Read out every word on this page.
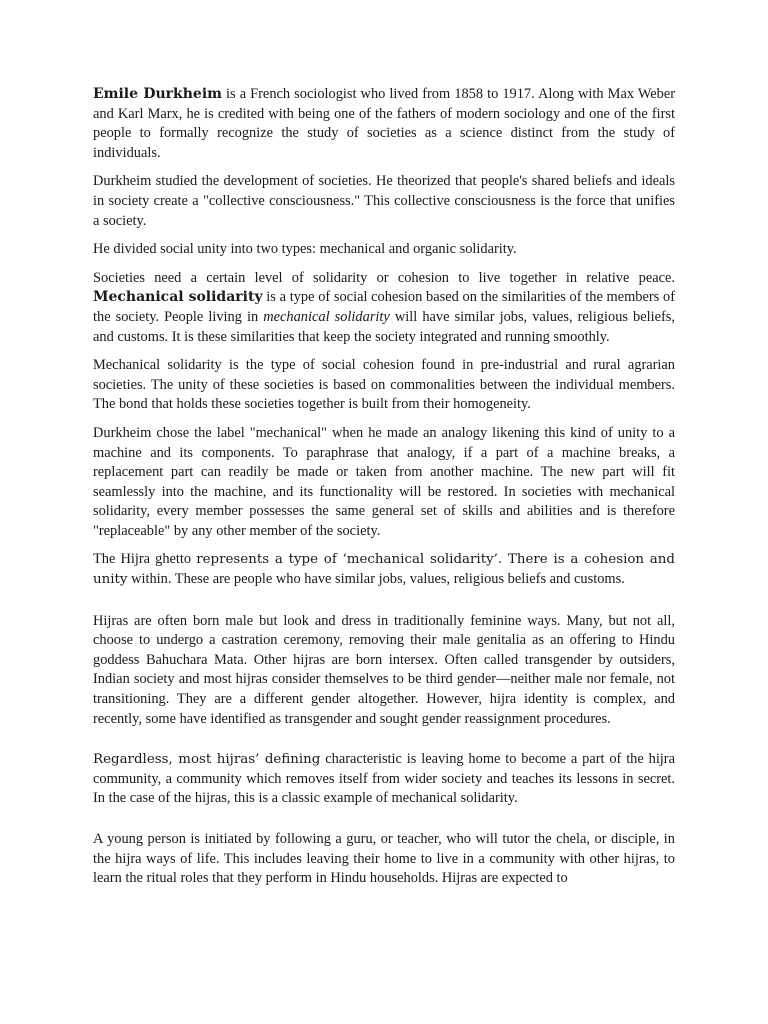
Emile Durkheim is a French sociologist who lived from 1858 to 1917. Along with Max Weber and Karl Marx, he is credited with being one of the fathers of modern sociology and one of the first people to formally recognize the study of societies as a science distinct from the study of individuals.

Durkheim studied the development of societies. He theorized that people's shared beliefs and ideals in society create a "collective consciousness." This collective consciousness is the force that unifies a society.

He divided social unity into two types: mechanical and organic solidarity.

Societies need a certain level of solidarity or cohesion to live together in relative peace. Mechanical solidarity is a type of social cohesion based on the similarities of the members of the society. People living in mechanical solidarity will have similar jobs, values, religious beliefs, and customs. It is these similarities that keep the society integrated and running smoothly.

Mechanical solidarity is the type of social cohesion found in pre-industrial and rural agrarian societies. The unity of these societies is based on commonalities between the individual members. The bond that holds these societies together is built from their homogeneity.

Durkheim chose the label "mechanical" when he made an analogy likening this kind of unity to a machine and its components. To paraphrase that analogy, if a part of a machine breaks, a replacement part can readily be made or taken from another machine. The new part will fit seamlessly into the machine, and its functionality will be restored. In societies with mechanical solidarity, every member possesses the same general set of skills and abilities and is therefore "replaceable" by any other member of the society.

The Hijra ghetto represents a type of ‘mechanical solidarity’. There is a cohesion and unity within. These are people who have similar jobs, values, religious beliefs and customs.

Hijras are often born male but look and dress in traditionally feminine ways. Many, but not all, choose to undergo a castration ceremony, removing their male genitalia as an offering to Hindu goddess Bahuchara Mata. Other hijras are born intersex. Often called transgender by outsiders, Indian society and most hijras consider themselves to be third gender—neither male nor female, not transitioning. They are a different gender altogether. However, hijra identity is complex, and recently, some have identified as transgender and sought gender reassignment procedures.

Regardless, most hijras’ defining characteristic is leaving home to become a part of the hijra community, a community which removes itself from wider society and teaches its lessons in secret. In the case of the hijras, this is a classic example of mechanical solidarity.

A young person is initiated by following a guru, or teacher, who will tutor the chela, or disciple, in the hijra ways of life. This includes leaving their home to live in a community with other hijras, to learn the ritual roles that they perform in Hindu households. Hijras are expected to
